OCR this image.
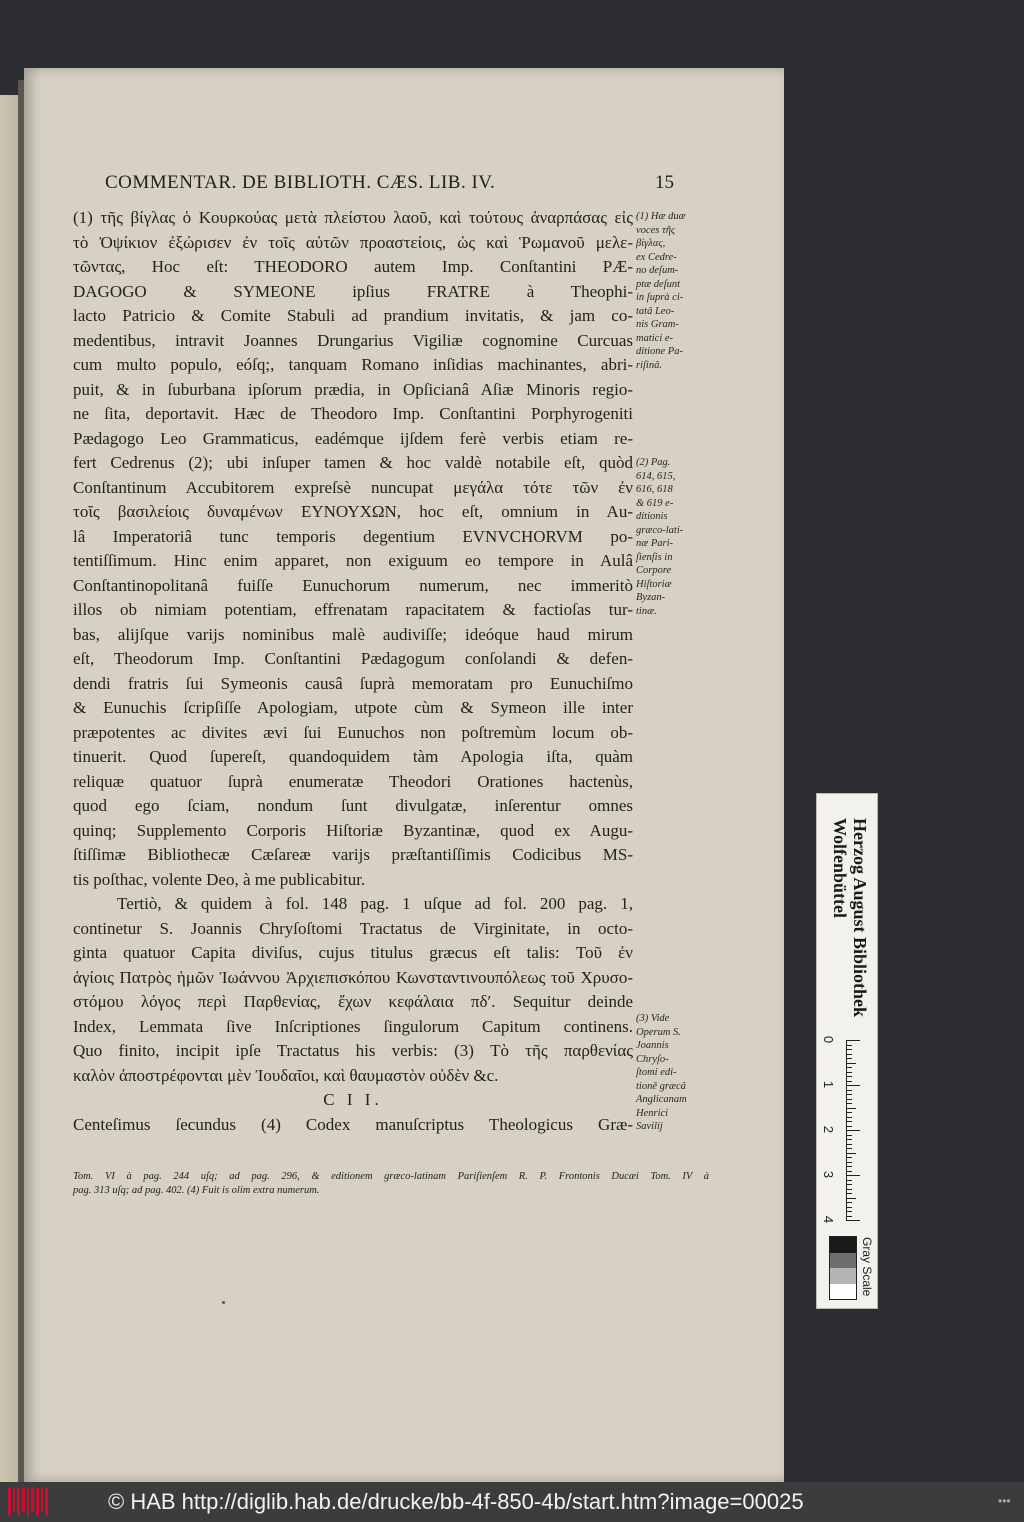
COMMENTAR. DE BIBLIOTH. CÆS. LIB. IV.	15
(1) τῆς βίγλας ὁ Κουρκούας μετὰ πλείστου λαοῦ, καὶ τούτους ἀναρπάσας εἰς
τὸ Ὀψίκιον ἐξώρισεν ἐν τοῖς αὐτῶν προαστείοις, ὡς καὶ Ῥωμανοῦ μελε-
τῶντας, Hoc eſt: THEODORO autem Imp. Conſtantini PÆ-
DAGOGO & SYMEONE ipſius FRATRE à Theophi-
lacto Patricio & Comite Stabuli ad prandium invitatis, & jam co-
medentibus, intravit Joannes Drungarius Vigiliæ cognomine Curcuas
cum multo populo, eóſq;, tanquam Romano inſidias machinantes, abri-
puit, & in ſuburbana ipſorum prædia, in Opſicianâ Aſiæ Minoris regio-
ne ſita, deportavit. Hæc de Theodoro Imp. Conſtantini Porphyrogeniti
Pædagogo Leo Grammaticus, eadémque ijſdem ferè verbis etiam re-
fert Cedrenus (2); ubi inſuper tamen & hoc valdè notabile eſt, quòd
Conſtantinum Accubitorem expreſsè nuncupat μεγάλα τότε τῶν ἐν
τοῖς βασιλείοις δυναμένων ΕΥΝΟΥΧΩΝ, hoc eſt, omnium in Au-
lâ Imperatoriâ tunc temporis degentium EVNVCHORVM po-
tentiſſimum. Hinc enim apparet, non exiguum eo tempore in Aulâ
Conſtantinopolitanâ fuiſſe Eunuchorum numerum, nec immeritò
illos ob nimiam potentiam, effrenatam rapacitatem & factioſas tur-
bas, alijſque varijs nominibus malè audiviſſe; ideóque haud mirum
eſt, Theodorum Imp. Conſtantini Pædagogum conſolandi & defen-
dendi fratris ſui Symeonis causâ ſuprà memoratam pro Eunuchiſmo
& Eunuchis ſcripſiſſe Apologiam, utpote cùm & Symeon ille inter
præpotentes ac divites ævi ſui Eunuchos non poſtremùm locum ob-
tinuerit. Quod ſupereſt, quandoquidem tàm Apologia iſta, quàm
reliquæ quatuor ſuprà enumeratæ Theodori Orationes hactenùs,
quod ego ſciam, nondum ſunt divulgatæ, inſerentur omnes
quinq; Supplemento Corporis Hiſtoriæ Byzantinæ, quod ex Augu-
ſtiſſimæ Bibliothecæ Cæſareæ varijs præſtantiſſimis Codicibus MS-
tis poſthac, volente Deo, à me publicabitur.
Tertiò, & quidem à fol. 148 pag. 1 uſque ad fol. 200 pag. 1,
continetur S. Joannis Chryſoſtomi Tractatus de Virginitate, in octo-
ginta quatuor Capita diviſus, cujus titulus græcus eſt talis: Τοῦ ἐν
ἁγίοις Πατρὸς ἡμῶν Ἰωάννου Ἀρχιεπισκόπου Κωνσταντινουπόλεως τοῦ Χρυσο-
στόμου λόγος περὶ Παρθενίας, ἔχων κεφάλαια πδʹ. Sequitur deinde
Index, Lemmata ſive Inſcriptiones ſingulorum Capitum continens.
Quo finito, incipit ipſe Tractatus his verbis: (3) Τὸ τῆς παρθενίας
καλὸν ἀποστρέφονται μὲν Ἰουδαῖοι, καὶ θαυμαστὸν οὐδὲν &c.
C I I.
Centeſimus ſecundus (4) Codex manuſcriptus Theologicus Græ-
(1) Hæ duæ
voces τῆς
βίγλας,
ex Cedre-
no deſum-
ptæ deſunt
in ſuprà ci-
tatâ Leo-
nis Gram-
matici e-
ditione Pa-
riſinâ.
(2) Pag.
614, 615,
616, 618
& 619 e-
ditionis
græco-lati-
næ Pari-
ſienſis in
Corpore
Hiſtoriæ
Byzan-
tinæ.
(3) Vide
Operum S.
Joannis
Chryſo-
ſtomi edi-
tionē græcâ
Anglicanam
Henrici
Savilij
Tom. VI à pag. 244 uſq; ad pag. 296, & editionem græco-latinam Pariſienſem R. P. Frontonis Ducæi Tom. IV à
pag. 313 uſq; ad pag. 402. (4) Fuit is olim extra numerum.
Herzog August Bibliothek
Wolfenbüttel
0
1
2
3
4
Gray Scale
© HAB http://diglib.hab.de/drucke/bb-4f-850-4b/start.htm?image=00025	•••
